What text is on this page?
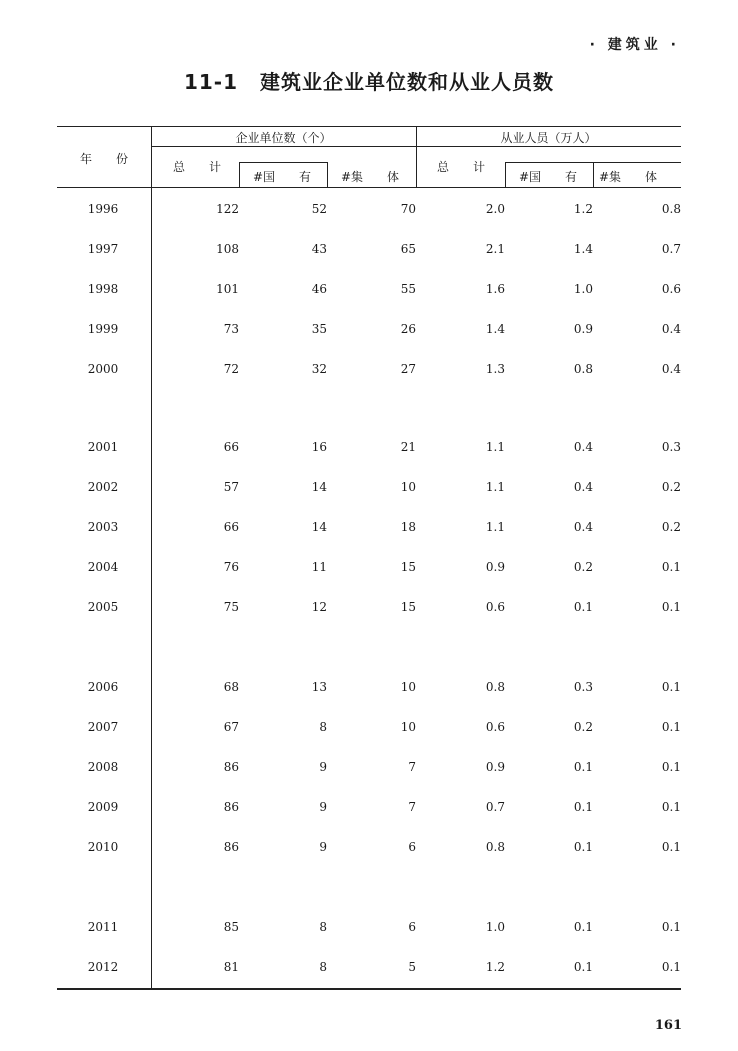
· 建筑业 ·
11-1 建筑业企业单位数和从业人员数
年　　份
企业单位数（个）	从业人员（万人）
总　　计
#国　　有 #集　　体
总　　计
#国　　有 #集　　体
1996	122	52	70	2.0	1.2	0.8
1997	108	43	65	2.1	1.4	0.7
1998	101	46	55	1.6	1.0	0.6
1999	73	35	26	1.4	0.9	0.4
2000	72	32	27	1.3	0.8	0.4
2001	66	16	21	1.1	0.4	0.3
2002	57	14	10	1.1	0.4	0.2
2003	66	14	18	1.1	0.4	0.2
2004	76	11	15	0.9	0.2	0.1
2005	75	12	15	0.6	0.1	0.1
2006	68	13	10	0.8	0.3	0.1
2007	67	8	10	0.6	0.2	0.1
2008	86	9	7	0.9	0.1	0.1
2009	86	9	7	0.7	0.1	0.1
2010	86	9	6	0.8	0.1	0.1
2011	85	8	6	1.0	0.1	0.1
2012	81	8	5	1.2	0.1	0.1
161
